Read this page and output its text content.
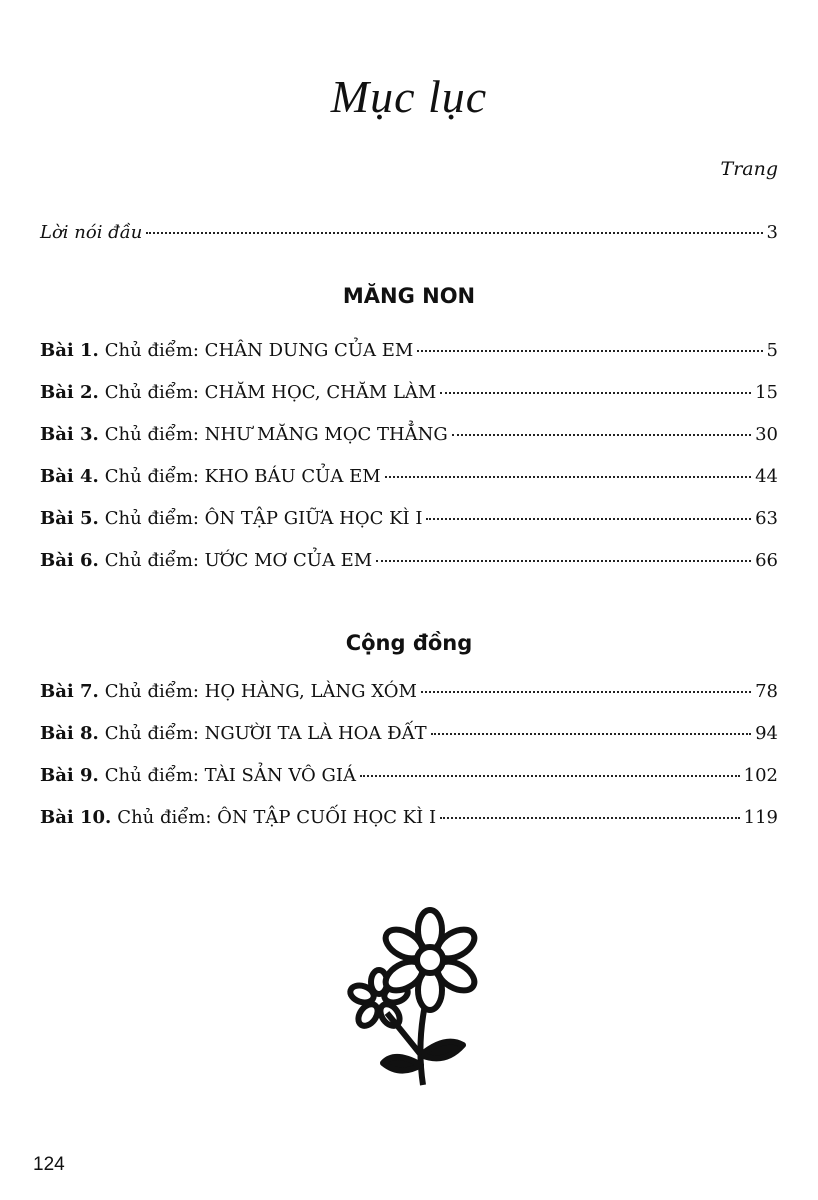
Mục lục
Trang
Lời nói đầu	3
MĂNG NON
Cộng đồng
Bài 1. Chủ điểm: CHÂN DUNG CỦA EM	5
Bài 2. Chủ điểm: CHĂM HỌC, CHĂM LÀM	15
Bài 3. Chủ điểm: NHƯ MĂNG MỌC THẲNG	30
Bài 4. Chủ điểm: KHO BÁU CỦA EM	44
Bài 5. Chủ điểm: ÔN TẬP GIỮA HỌC KÌ I	63
Bài 6. Chủ điểm: ƯỚC MƠ CỦA EM	66
Bài 7. Chủ điểm: HỌ HÀNG, LÀNG XÓM	78
Bài 8. Chủ điểm: NGƯỜI TA LÀ HOA ĐẤT	94
Bài 9. Chủ điểm: TÀI SẢN VÔ GIÁ	102
Bài 10. Chủ điểm: ÔN TẬP CUỐI HỌC KÌ I	119
124
